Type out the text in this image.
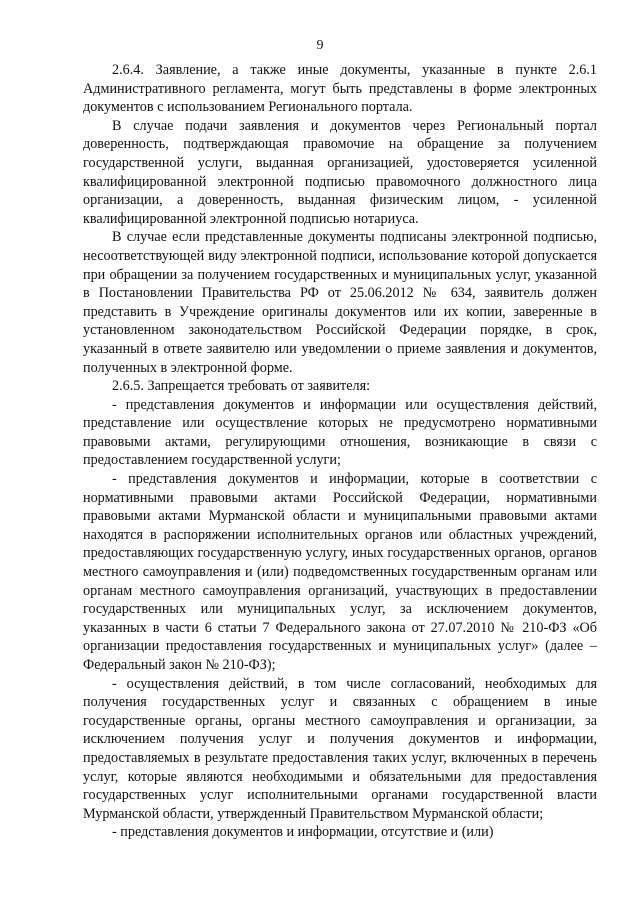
9

2.6.4. Заявление, а также иные документы, указанные в пункте 2.6.1 Административного регламента, могут быть представлены в форме электронных документов с использованием Регионального портала.

В случае подачи заявления и документов через Региональный портал доверенность, подтверждающая правомочие на обращение за получением государственной услуги, выданная организацией, удостоверяется усиленной квалифицированной электронной подписью правомочного должностного лица организации, а доверенность, выданная физическим лицом, - усиленной квалифицированной электронной подписью нотариуса.

В случае если представленные документы подписаны электронной подписью, несоответствующей виду электронной подписи, использование которой допускается при обращении за получением государственных и муниципальных услуг, указанной в Постановлении Правительства РФ от 25.06.2012 № 634, заявитель должен представить в Учреждение оригиналы документов или их копии, заверенные в установленном законодательством Российской Федерации порядке, в срок, указанный в ответе заявителю или уведомлении о приеме заявления и документов, полученных в электронной форме.

2.6.5. Запрещается требовать от заявителя:

- представления документов и информации или осуществления действий, представление или осуществление которых не предусмотрено нормативными правовыми актами, регулирующими отношения, возникающие в связи с предоставлением государственной услуги;

- представления документов и информации, которые в соответствии с нормативными правовыми актами Российской Федерации, нормативными правовыми актами Мурманской области и муниципальными правовыми актами находятся в распоряжении исполнительных органов или областных учреждений, предоставляющих государственную услугу, иных государственных органов, органов местного самоуправления и (или) подведомственных государственным органам или органам местного самоуправления организаций, участвующих в предоставлении государственных или муниципальных услуг, за исключением документов, указанных в части 6 статьи 7 Федерального закона от 27.07.2010 № 210-ФЗ «Об организации предоставления государственных и муниципальных услуг» (далее – Федеральный закон № 210-ФЗ);

- осуществления действий, в том числе согласований, необходимых для получения государственных услуг и связанных с обращением в иные государственные органы, органы местного самоуправления и организации, за исключением получения услуг и получения документов и информации, предоставляемых в результате предоставления таких услуг, включенных в перечень услуг, которые являются необходимыми и обязательными для предоставления государственных услуг исполнительными органами государственной власти Мурманской области, утвержденный Правительством Мурманской области;

- представления документов и информации, отсутствие и (или)
